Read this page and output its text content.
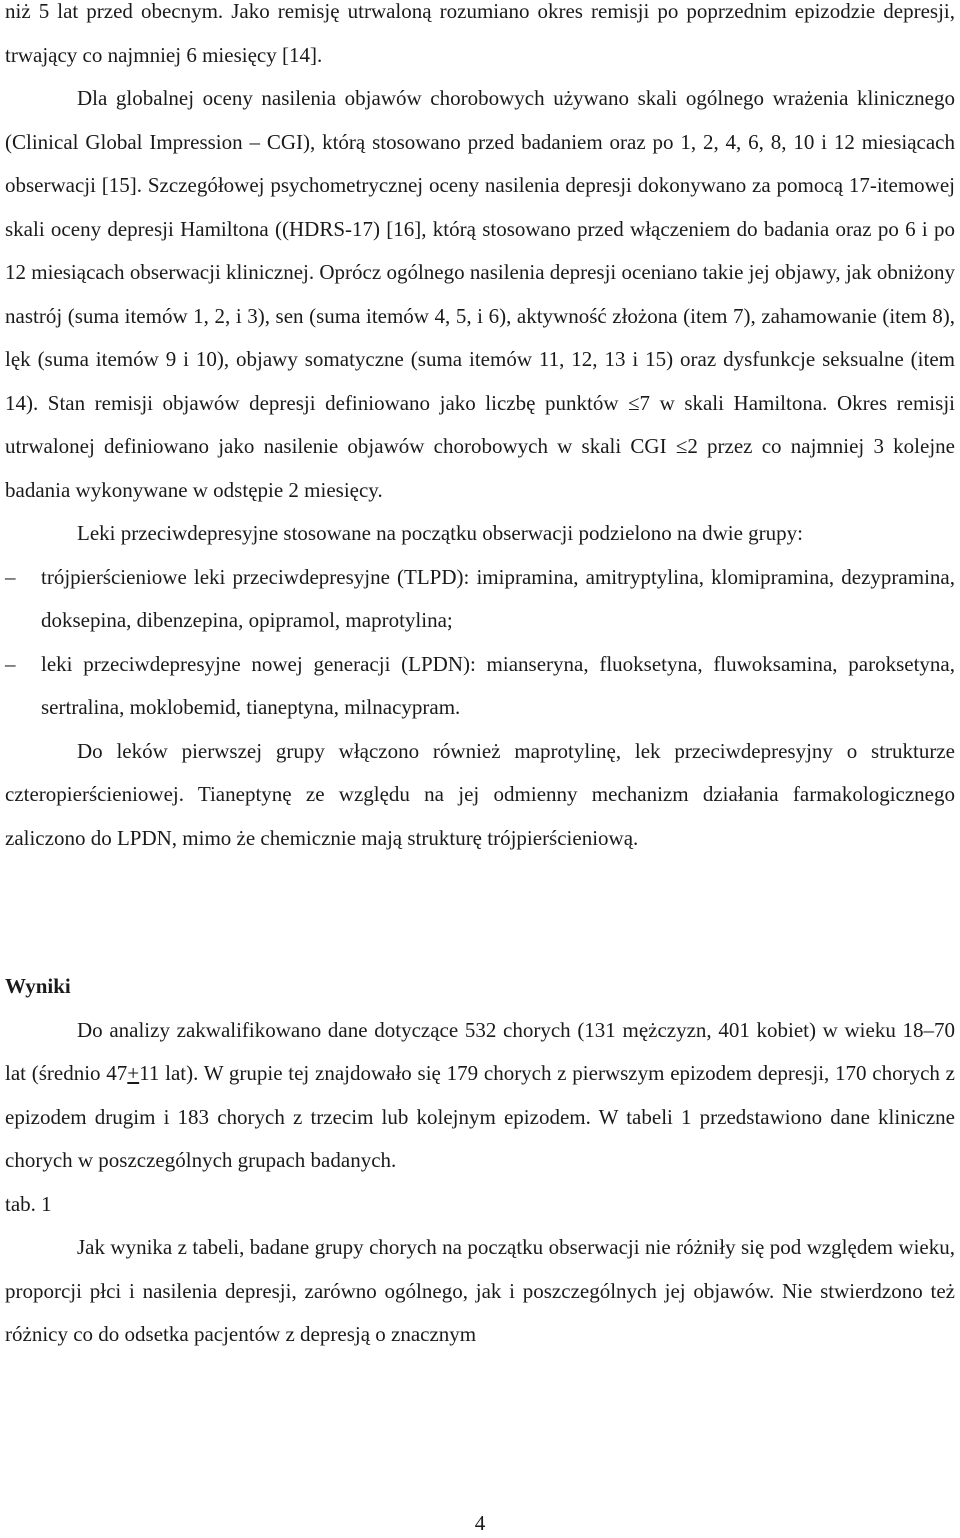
niż 5 lat przed obecnym. Jako remisję utrwaloną rozumiano okres remisji po poprzednim epizodzie depresji, trwający co najmniej 6 miesięcy [14].

Dla globalnej oceny nasilenia objawów chorobowych używano skali ogólnego wrażenia klinicznego (Clinical Global Impression – CGI), którą stosowano przed badaniem oraz po 1, 2, 4, 6, 8, 10 i 12 miesiącach obserwacji [15]. Szczegółowej psychometrycznej oceny nasilenia depresji dokonywano za pomocą 17-itemowej skali oceny depresji Hamiltona ((HDRS-17) [16], którą stosowano przed włączeniem do badania oraz po 6 i po 12 miesiącach obserwacji klinicznej. Oprócz ogólnego nasilenia depresji oceniano takie jej objawy, jak obniżony nastrój (suma itemów 1, 2, i 3), sen (suma itemów 4, 5, i 6), aktywność złożona (item 7), zahamowanie (item 8), lęk (suma itemów 9 i 10), objawy somatyczne (suma itemów 11, 12, 13 i 15) oraz dysfunkcje seksualne (item 14). Stan remisji objawów depresji definiowano jako liczbę punktów ≤7 w skali Hamiltona. Okres remisji utrwalonej definiowano jako nasilenie objawów chorobowych w skali CGI ≤2 przez co najmniej 3 kolejne badania wykonywane w odstępie 2 miesięcy.

Leki przeciwdepresyjne stosowane na początku obserwacji podzielono na dwie grupy:

– trójpierścieniowe leki przeciwdepresyjne (TLPD): imipramina, amitryptylina, klomipramina, dezypramina, doksepina, dibenzepina, opipramol, maprotylina;
– leki przeciwdepresyjne nowej generacji (LPDN): mianseryna, fluoksetyna, fluwoksamina, paroksetyna, sertralina, moklobemid, tianeptyna, milnacypram.

Do leków pierwszej grupy włączono również maprotylinę, lek przeciwdepresyjny o strukturze czteropierścieniowej. Tianeptynę ze względu na jej odmienny mechanizm działania farmakologicznego zaliczono do LPDN, mimo że chemicznie mają strukturę trójpierścieniową.

Wyniki

Do analizy zakwalifikowano dane dotyczące 532 chorych (131 mężczyzn, 401 kobiet) w wieku 18–70 lat (średnio 47+11 lat). W grupie tej znajdowało się 179 chorych z pierwszym epizodem depresji, 170 chorych z epizodem drugim i 183 chorych z trzecim lub kolejnym epizodem. W tabeli 1 przedstawiono dane kliniczne chorych w poszczególnych grupach badanych.

tab. 1

Jak wynika z tabeli, badane grupy chorych na początku obserwacji nie różniły się pod względem wieku, proporcji płci i nasilenia depresji, zarówno ogólnego, jak i poszczególnych jej objawów. Nie stwierdzono też różnicy co do odsetka pacjentów z depresją o znacznym

4
